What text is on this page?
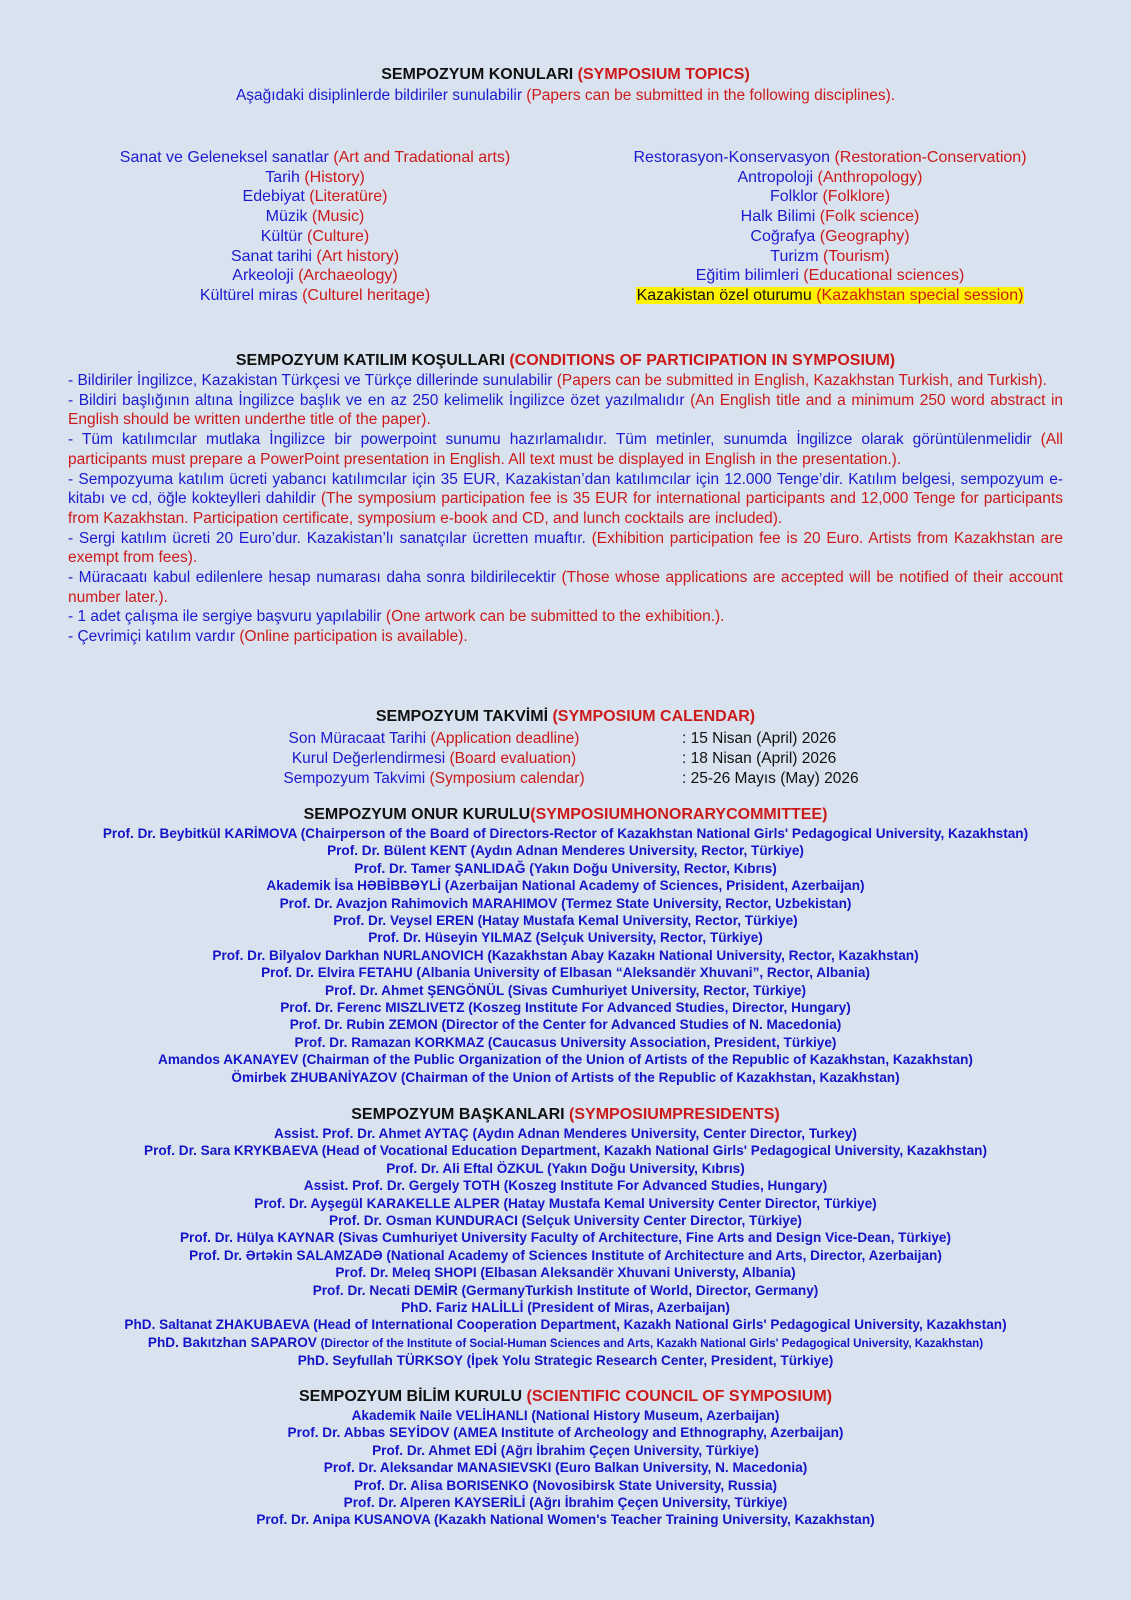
SEMPOZYUM KONULARI (SYMPOSIUM TOPICS)
Aşağıdaki disiplinlerde bildiriler sunulabilir (Papers can be submitted in the following disciplines).
Sanat ve Geleneksel sanatlar (Art and Tradational arts)
Tarih (History)
Edebiyat (Literatüre)
Müzik (Music)
Kültür (Culture)
Sanat tarihi (Art history)
Arkeoloji (Archaeology)
Kültürel miras (Culturel heritage)
Restorasyon-Konservasyon (Restoration-Conservation)
Antropoloji (Anthropology)
Folklor (Folklore)
Halk Bilimi (Folk science)
Coğrafya (Geography)
Turizm (Tourism)
Eğitim bilimleri (Educational sciences)
Kazakistan özel oturumu (Kazakhstan special session)
SEMPOZYUM KATILIM KOŞULLARI (CONDITIONS OF PARTICIPATION IN SYMPOSIUM)

- Bildiriler İngilizce, Kazakistan Türkçesi ve Türkçe dillerinde sunulabilir (Papers can be submitted in English, Kazakhstan Turkish, and Turkish).

- Bildiri başlığının altına İngilizce başlık ve en az 250 kelimelik İngilizce özet yazılmalıdır (An English title and a minimum 250 word abstract in English should be written underthe title of the paper).

- Tüm katılımcılar mutlaka İngilizce bir powerpoint sunumu hazırlamalıdır. Tüm metinler, sunumda İngilizce olarak görüntülenmelidir (All participants must prepare a PowerPoint presentation in English. All text must be displayed in English in the presentation.).

- Sempozyuma katılım ücreti yabancı katılımcılar için 35 EUR, Kazakistan’dan katılımcılar için 12.000 Tenge’dir. Katılım belgesi, sempozyum e-kitabı ve cd, öğle kokteylleri dahildir (The symposium participation fee is 35 EUR for international participants and 12,000 Tenge for participants from Kazakhstan. Participation certificate, symposium e-book and CD, and lunch cocktails are included).

- Sergi katılım ücreti 20 Euro’dur. Kazakistan’lı sanatçılar ücretten muaftır. (Exhibition participation fee is 20 Euro. Artists from Kazakhstan are exempt from fees).

- Müracaatı kabul edilenlere hesap numarası daha sonra bildirilecektir (Those whose applications are accepted will be notified of their account number later.).

- 1 adet çalışma ile sergiye başvuru yapılabilir (One artwork can be submitted to the exhibition.).

- Çevrimiçi katılım vardır (Online participation is available).

SEMPOZYUM TAKVİMİ (SYMPOSIUM CALENDAR)
Son Müracaat Tarihi (Application deadline)	: 15 Nisan (April) 2026
Kurul Değerlendirmesi (Board evaluation)	: 18 Nisan (April) 2026
Sempozyum Takvimi (Symposium calendar)	: 25-26 Mayıs (May) 2026
SEMPOZYUM ONUR KURULU(SYMPOSIUMHONORARYCOMMITTEE)
Prof. Dr. Beybitkül KARİMOVA (Chairperson of the Board of Directors-Rector of Kazakhstan National Girls' Pedagogical University, Kazakhstan)
Prof. Dr. Bülent KENT (Aydın Adnan Menderes University, Rector, Türkiye)
Prof. Dr. Tamer ŞANLIDAĞ (Yakın Doğu University, Rector, Kıbrıs)
Akademik İsa HƏBİBBƏYLİ (Azerbaijan National Academy of Sciences, Prisident, Azerbaijan)
Prof. Dr. Avazjon Rahimovich MARAHIMOV (Termez State University, Rector, Uzbekistan)
Prof. Dr. Veysel EREN (Hatay Mustafa Kemal University, Rector, Türkiye)
Prof. Dr. Hüseyin YILMAZ (Selçuk University, Rector, Türkiye)
Prof. Dr. Bilyalov Darkhan NURLANOVICH (Kazakhstan Abay Kazakн National University, Rector, Kazakhstan)
Prof. Dr. Elvira FETAHU (Albania University of Elbasan “Aleksandër Xhuvani”, Rector, Albania)
Prof. Dr. Ahmet ŞENGÖNÜL (Sivas Cumhuriyet University, Rector, Türkiye)
Prof. Dr. Ferenc MISZLIVETZ (Koszeg Institute For Advanced Studies, Director, Hungary)
Prof. Dr. Rubin ZEMON (Director of the Center for Advanced Studies of N. Macedonia)
Prof. Dr. Ramazan KORKMAZ (Caucasus University Association, President, Türkiye)
Amandos AKANAYEV (Chairman of the Public Organization of the Union of Artists of the Republic of Kazakhstan, Kazakhstan)
Ömirbek ZHUBANİYAZOV (Chairman of the Union of Artists of the Republic of Kazakhstan, Kazakhstan)
SEMPOZYUM BAŞKANLARI (SYMPOSIUMPRESIDENTS)
Assist. Prof. Dr. Ahmet AYTAÇ (Aydın Adnan Menderes University, Center Director, Turkey)
Prof. Dr. Sara KRYKBAEVA (Head of Vocational Education Department, Kazakh National Girls' Pedagogical University, Kazakhstan)
Prof. Dr. Ali Eftal ÖZKUL (Yakın Doğu University, Kıbrıs)
Assist. Prof. Dr. Gergely TOTH (Koszeg Institute For Advanced Studies, Hungary)
Prof. Dr. Ayşegül KARAKELLE ALPER (Hatay Mustafa Kemal University Center Director, Türkiye)
Prof. Dr. Osman KUNDURACI (Selçuk University Center Director, Türkiye)
Prof. Dr. Hülya KAYNAR (Sivas Cumhuriyet University Faculty of Architecture, Fine Arts and Design Vice-Dean, Türkiye)
Prof. Dr. Ərtəkin SALAMZADƏ (National Academy of Sciences Institute of Architecture and Arts, Director, Azerbaijan)
Prof. Dr. Meleq SHOPI (Elbasan Aleksandër Xhuvani Universty, Albania)
Prof. Dr. Necati DEMİR (GermanyTurkish Institute of World, Director, Germany)
PhD. Fariz HALİLLİ (President of Miras, Azerbaijan)
PhD. Saltanat ZHAKUBAEVA (Head of International Cooperation Department, Kazakh National Girls' Pedagogical University, Kazakhstan)
PhD. Bakıtzhan SAPAROV (Director of the Institute of Social-Human Sciences and Arts, Kazakh National Girls' Pedagogical University, Kazakhstan)
PhD. Seyfullah TÜRKSOY (İpek Yolu Strategic Research Center, President, Türkiye)
SEMPOZYUM BİLİM KURULU (SCIENTIFIC COUNCIL OF SYMPOSIUM)
Akademik Naile VELİHANLI (National History Museum, Azerbaijan)
Prof. Dr. Abbas SEYİDOV (AMEA Institute of Archeology and Ethnography, Azerbaijan)
Prof. Dr. Ahmet EDİ (Ağrı İbrahim Çeçen University, Türkiye)
Prof. Dr. Aleksandar MANASIEVSKI (Euro Balkan University, N. Macedonia)
Prof. Dr. Alisa BORISENKO (Novosibirsk State University, Russia)
Prof. Dr. Alperen KAYSERİLİ (Ağrı İbrahim Çeçen University, Türkiye)
Prof. Dr. Anipa KUSANOVA (Kazakh National Women's Teacher Training University, Kazakhstan)
